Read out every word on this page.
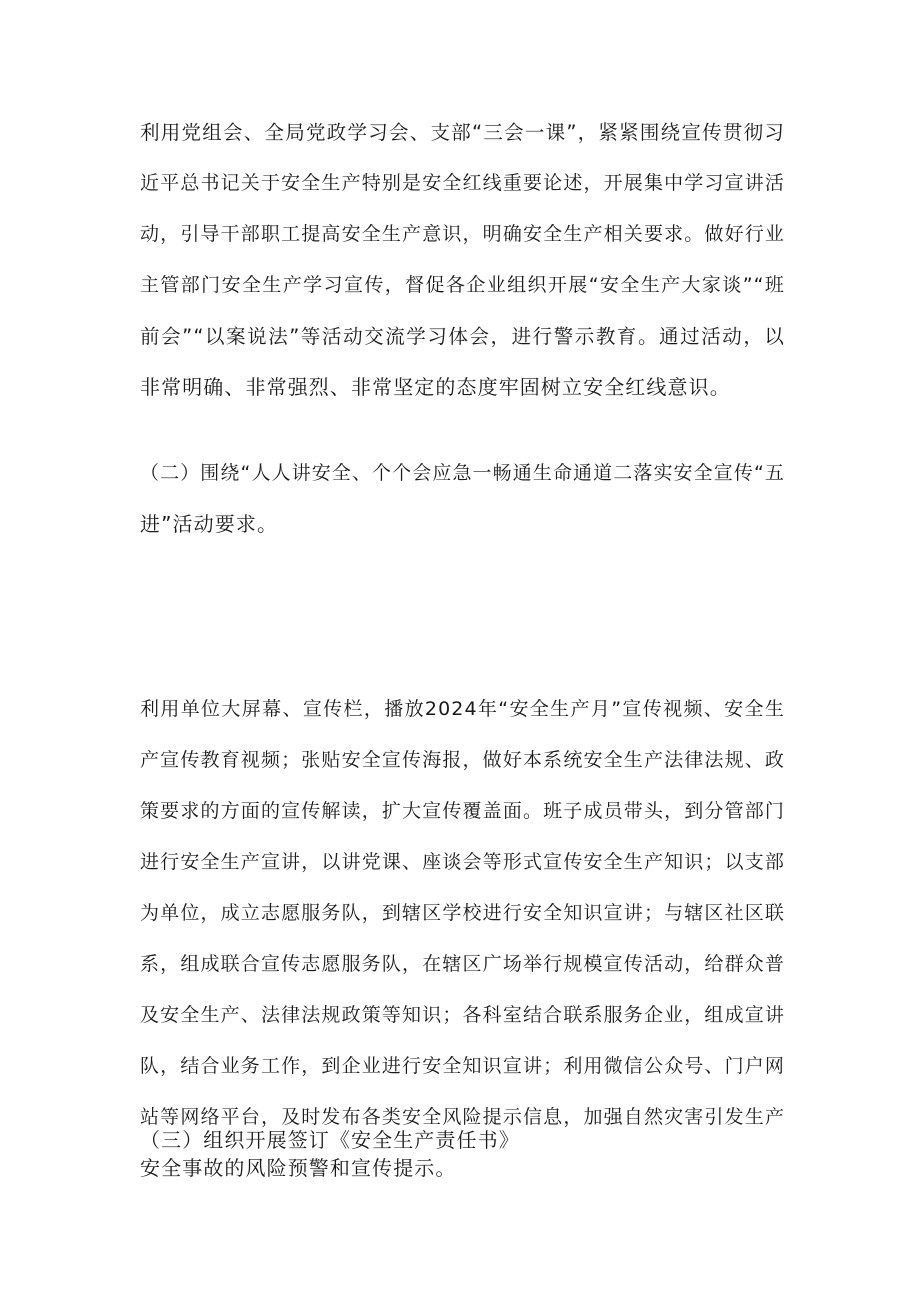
利用党组会、全局党政学习会、支部“三会一课”，紧紧围绕宣传贯彻习
近平总书记关于安全生产特别是安全红线重要论述，开展集中学习宣讲活
动，引导干部职工提高安全生产意识，明确安全生产相关要求。做好行业
主管部门安全生产学习宣传，督促各企业组织开展“安全生产大家谈”“班
前会”“以案说法”等活动交流学习体会，进行警示教育。通过活动，以
非常明确、非常强烈、非常坚定的态度牢固树立安全红线意识。
（二）围绕“人人讲安全、个个会应急一畅通生命通道二落实安全宣传“五
进”活动要求。
利用单位大屏幕、宣传栏，播放2024年“安全生产月”宣传视频、安全生
产宣传教育视频；张贴安全宣传海报，做好本系统安全生产法律法规、政
策要求的方面的宣传解读，扩大宣传覆盖面。班子成员带头，到分管部门
进行安全生产宣讲，以讲党课、座谈会等形式宣传安全生产知识；以支部
为单位，成立志愿服务队，到辖区学校进行安全知识宣讲；与辖区社区联
系，组成联合宣传志愿服务队，在辖区广场举行规模宣传活动，给群众普
及安全生产、法律法规政策等知识；各科室结合联系服务企业，组成宣讲
队，结合业务工作，到企业进行安全知识宣讲；利用微信公众号、门户网
站等网络平台，及时发布各类安全风险提示信息，加强自然灾害引发生产
安全事故的风险预警和宣传提示。
（三）组织开展签订《安全生产责任书》
